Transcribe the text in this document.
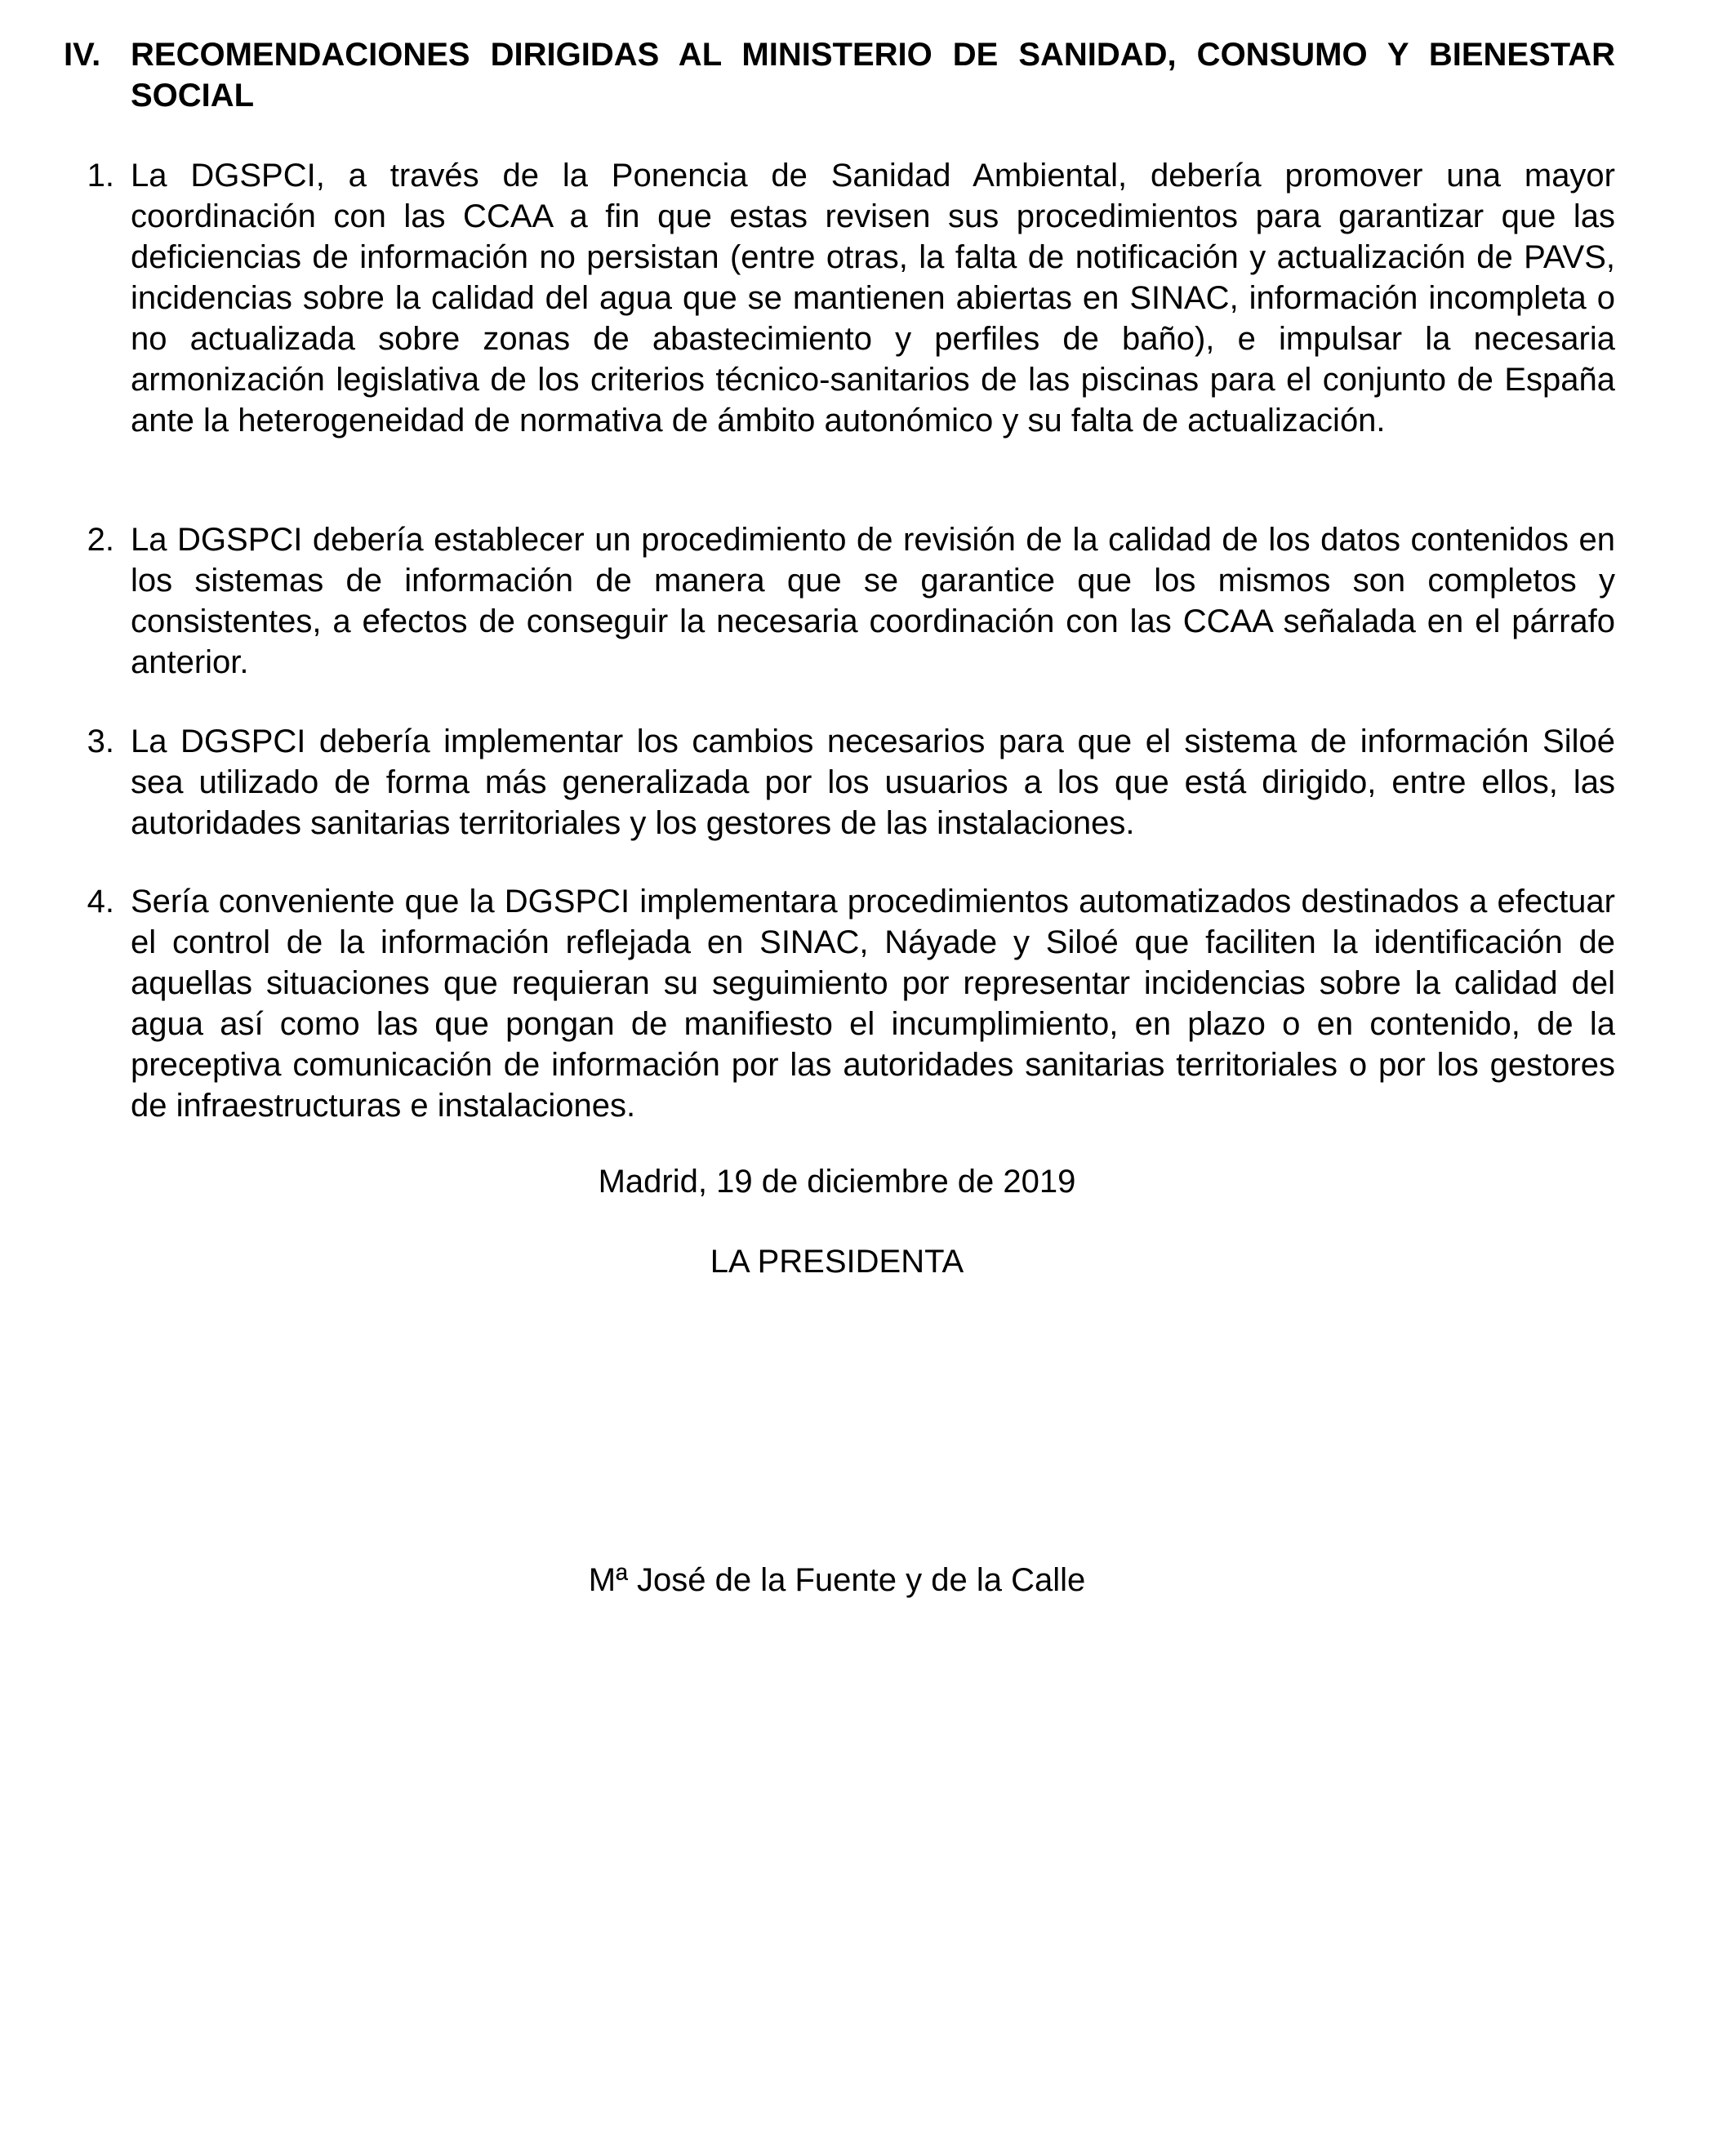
IV. RECOMENDACIONES DIRIGIDAS AL MINISTERIO DE SANIDAD, CONSUMO Y BIENESTAR SOCIAL
1. La DGSPCI, a través de la Ponencia de Sanidad Ambiental, debería promover una mayor coordinación con las CCAA a fin que estas revisen sus procedimientos para garantizar que las deficiencias de información no persistan (entre otras, la falta de notificación y actualización de PAVS, incidencias sobre la calidad del agua que se mantienen abiertas en SINAC, información incompleta o no actualizada sobre zonas de abastecimiento y perfiles de baño), e impulsar la necesaria armonización legislativa de los criterios técnico-sanitarios de las piscinas para el conjunto de España ante la heterogeneidad de normativa de ámbito autonómico y su falta de actualización.
2. La DGSPCI debería establecer un procedimiento de revisión de la calidad de los datos contenidos en los sistemas de información de manera que se garantice que los mismos son completos y consistentes, a efectos de conseguir la necesaria coordinación con las CCAA señalada en el párrafo anterior.
3. La DGSPCI debería implementar los cambios necesarios para que el sistema de información Siloé sea utilizado de forma más generalizada por los usuarios a los que está dirigido, entre ellos, las autoridades sanitarias territoriales y los gestores de las instalaciones.
4. Sería conveniente que la DGSPCI implementara procedimientos automatizados destinados a efectuar el control de la información reflejada en SINAC, Náyade y Siloé que faciliten la identificación de aquellas situaciones que requieran su seguimiento por representar incidencias sobre la calidad del agua así como las que pongan de manifiesto el incumplimiento, en plazo o en contenido, de la preceptiva comunicación de información por las autoridades sanitarias territoriales o por los gestores de infraestructuras e instalaciones.
Madrid, 19 de diciembre de 2019
LA PRESIDENTA
Mª José de la Fuente y de la Calle
